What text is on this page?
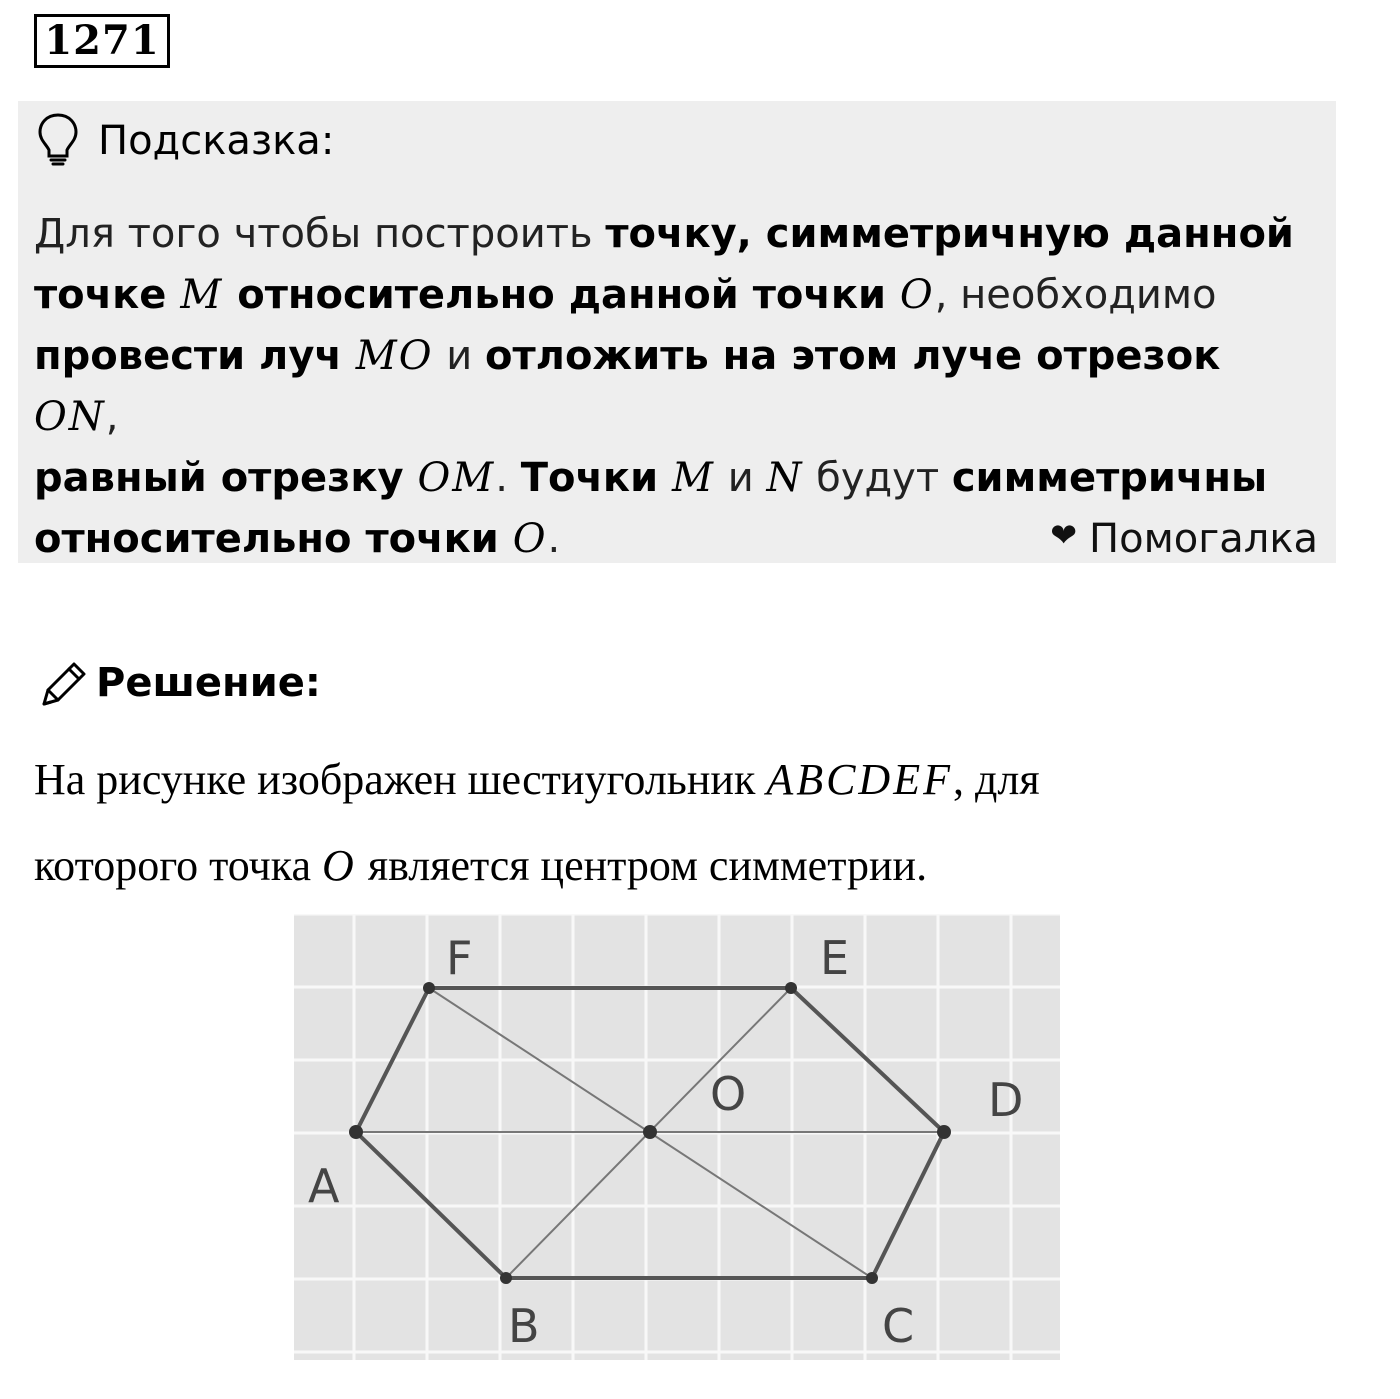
1271
Подсказка:
Для того чтобы построить точку, симметричную данной
точке M относительно данной точки O, необходимо
провести луч MO и отложить на этом луче отрезок ON,
равный отрезку OM. Точки M и N будут симметричны
относительно точки O.	❤ Помогалка
Решение:
На рисунке изображен шестиугольник ABCDEF, для
которого точка O является центром симметрии.
A
B	C
D
E
F
O
